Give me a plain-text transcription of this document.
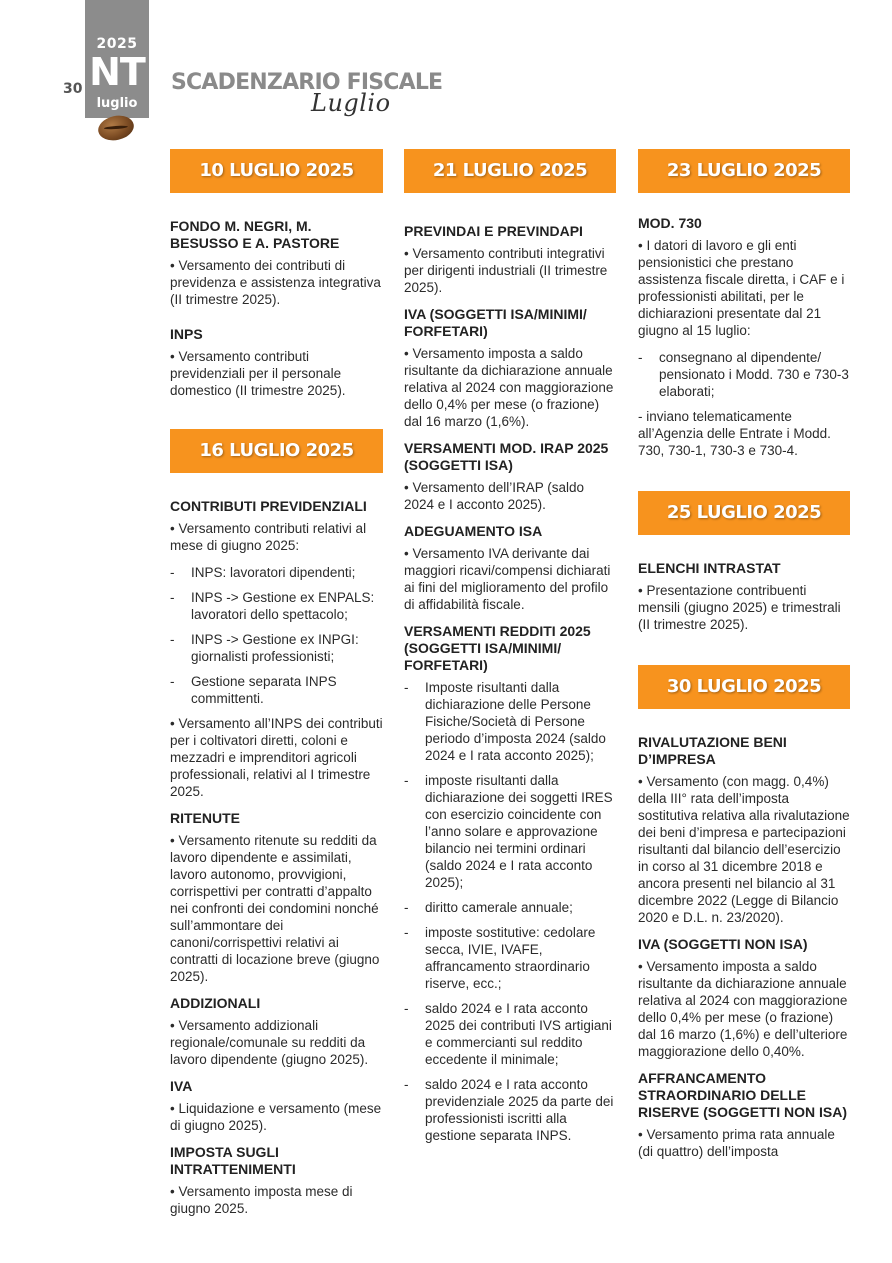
2025
NT
luglio
30	SCADENZARIO FISCALE
Luglio
10 LUGLIO 2025
FONDO M. NEGRI, M. BESUSSO E A. PASTORE
• Versamento dei contributi di previdenza e assistenza integrativa (II trimestre 2025).
INPS
• Versamento contributi previdenziali per il personale domestico (II trimestre 2025).
16 LUGLIO 2025
CONTRIBUTI PREVIDENZIALI
• Versamento contributi relativi al mese di giugno 2025:
- INPS: lavoratori dipendenti;
- INPS -> Gestione ex ENPALS: lavoratori dello spettacolo;
- INPS -> Gestione ex INPGI: giornalisti professionisti;
- Gestione separata INPS committenti.
• Versamento all’INPS dei contributi per i coltivatori diretti, coloni e mezzadri e imprenditori agricoli professionali, relativi al I trimestre 2025.
RITENUTE
• Versamento ritenute su redditi da lavoro dipendente e assimilati, lavoro autonomo, provvigioni, corrispettivi per contratti d’appalto nei confronti dei condomini nonché sull’ammontare dei canoni/corrispettivi relativi ai contratti di locazione breve (giugno 2025).
ADDIZIONALI
• Versamento addizionali regionale/comunale su redditi da lavoro dipendente (giugno 2025).
IVA
• Liquidazione e versamento (mese di giugno 2025).
IMPOSTA SUGLI INTRATTENIMENTI
• Versamento imposta mese di giugno 2025.
21 LUGLIO 2025
PREVINDAI E PREVINDAPI
• Versamento contributi integrativi per dirigenti industriali (II trimestre 2025).
IVA (SOGGETTI ISA/MINIMI/ FORFETARI)
• Versamento imposta a saldo risultante da dichiarazione annuale relativa al 2024 con maggiorazione dello 0,4% per mese (o frazione) dal 16 marzo (1,6%).
VERSAMENTI MOD. IRAP 2025 (SOGGETTI ISA)
• Versamento dell’IRAP (saldo 2024 e I acconto 2025).
ADEGUAMENTO ISA
• Versamento IVA derivante dai maggiori ricavi/compensi dichiarati ai fini del miglioramento del profilo di affidabilità fiscale.
VERSAMENTI REDDITI 2025 (SOGGETTI ISA/MINIMI/ FORFETARI)
- Imposte risultanti dalla dichiarazione delle Persone Fisiche/Società di Persone periodo d’imposta 2024 (saldo 2024 e I rata acconto 2025);
- imposte risultanti dalla dichiarazione dei soggetti IRES con esercizio coincidente con l’anno solare e approvazione bilancio nei termini ordinari (saldo 2024 e I rata acconto 2025);
- diritto camerale annuale;
- imposte sostitutive: cedolare secca, IVIE, IVAFE, affrancamento straordinario riserve, ecc.;
- saldo 2024 e I rata acconto 2025 dei contributi IVS artigiani e commercianti sul reddito eccedente il minimale;
- saldo 2024 e I rata acconto previdenziale 2025 da parte dei professionisti iscritti alla gestione separata INPS.
23 LUGLIO 2025
MOD. 730
• I datori di lavoro e gli enti pensionistici che prestano assistenza fiscale diretta, i CAF e i professionisti abilitati, per le dichiarazioni presentate dal 21 giugno al 15 luglio:
- consegnano al dipendente/ pensionato i Modd. 730 e 730-3 elaborati;
- inviano telematicamente all’Agenzia delle Entrate i Modd. 730, 730-1, 730-3 e 730-4.
25 LUGLIO 2025
ELENCHI INTRASTAT
• Presentazione contribuenti mensili (giugno 2025) e trimestrali (II trimestre 2025).
30 LUGLIO 2025
RIVALUTAZIONE BENI D’IMPRESA
• Versamento (con magg. 0,4%) della III° rata dell’imposta sostitutiva relativa alla rivalutazione dei beni d’impresa e partecipazioni risultanti dal bilancio dell’esercizio in corso al 31 dicembre 2018 e ancora presenti nel bilancio al 31 dicembre 2022 (Legge di Bilancio 2020 e D.L. n. 23/2020).
IVA (SOGGETTI NON ISA)
• Versamento imposta a saldo risultante da dichiarazione annuale relativa al 2024 con maggiorazione dello 0,4% per mese (o frazione) dal 16 marzo (1,6%) e dell’ulteriore maggiorazione dello 0,40%.
AFFRANCAMENTO STRAORDINARIO DELLE RISERVE (SOGGETTI NON ISA)
• Versamento prima rata annuale (di quattro) dell’imposta
